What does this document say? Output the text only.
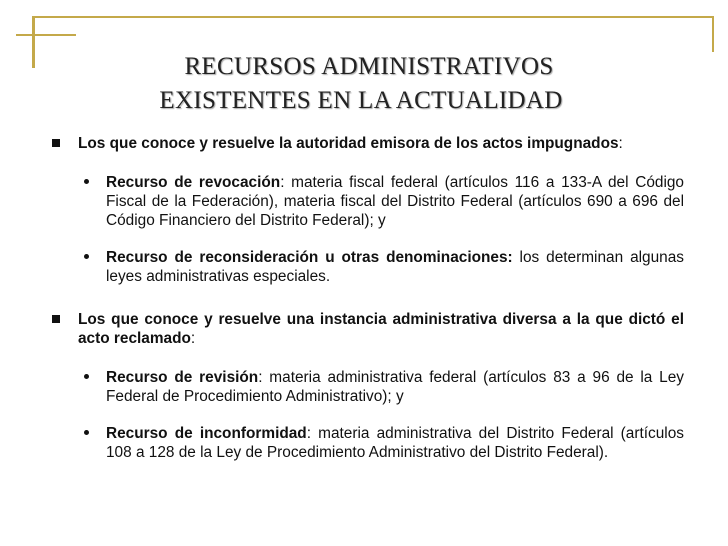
RECURSOS ADMINISTRATIVOS
EXISTENTES EN LA ACTUALIDAD
Los que conoce y resuelve la autoridad emisora de los actos impugnados:
Recurso de revocación: materia fiscal federal (artículos 116 a 133-A del Código Fiscal de la Federación), materia fiscal del Distrito Federal (artículos 690 a 696 del Código Financiero del Distrito Federal); y
Recurso de reconsideración u otras denominaciones: los determinan algunas leyes administrativas especiales.
Los que conoce y resuelve una instancia administrativa diversa a la que dictó el acto reclamado:
Recurso de revisión: materia administrativa federal (artículos 83 a 96 de la Ley Federal de Procedimiento Administrativo); y
Recurso de inconformidad: materia administrativa del Distrito Federal (artículos 108 a 128 de la Ley de Procedimiento Administrativo del Distrito Federal).
